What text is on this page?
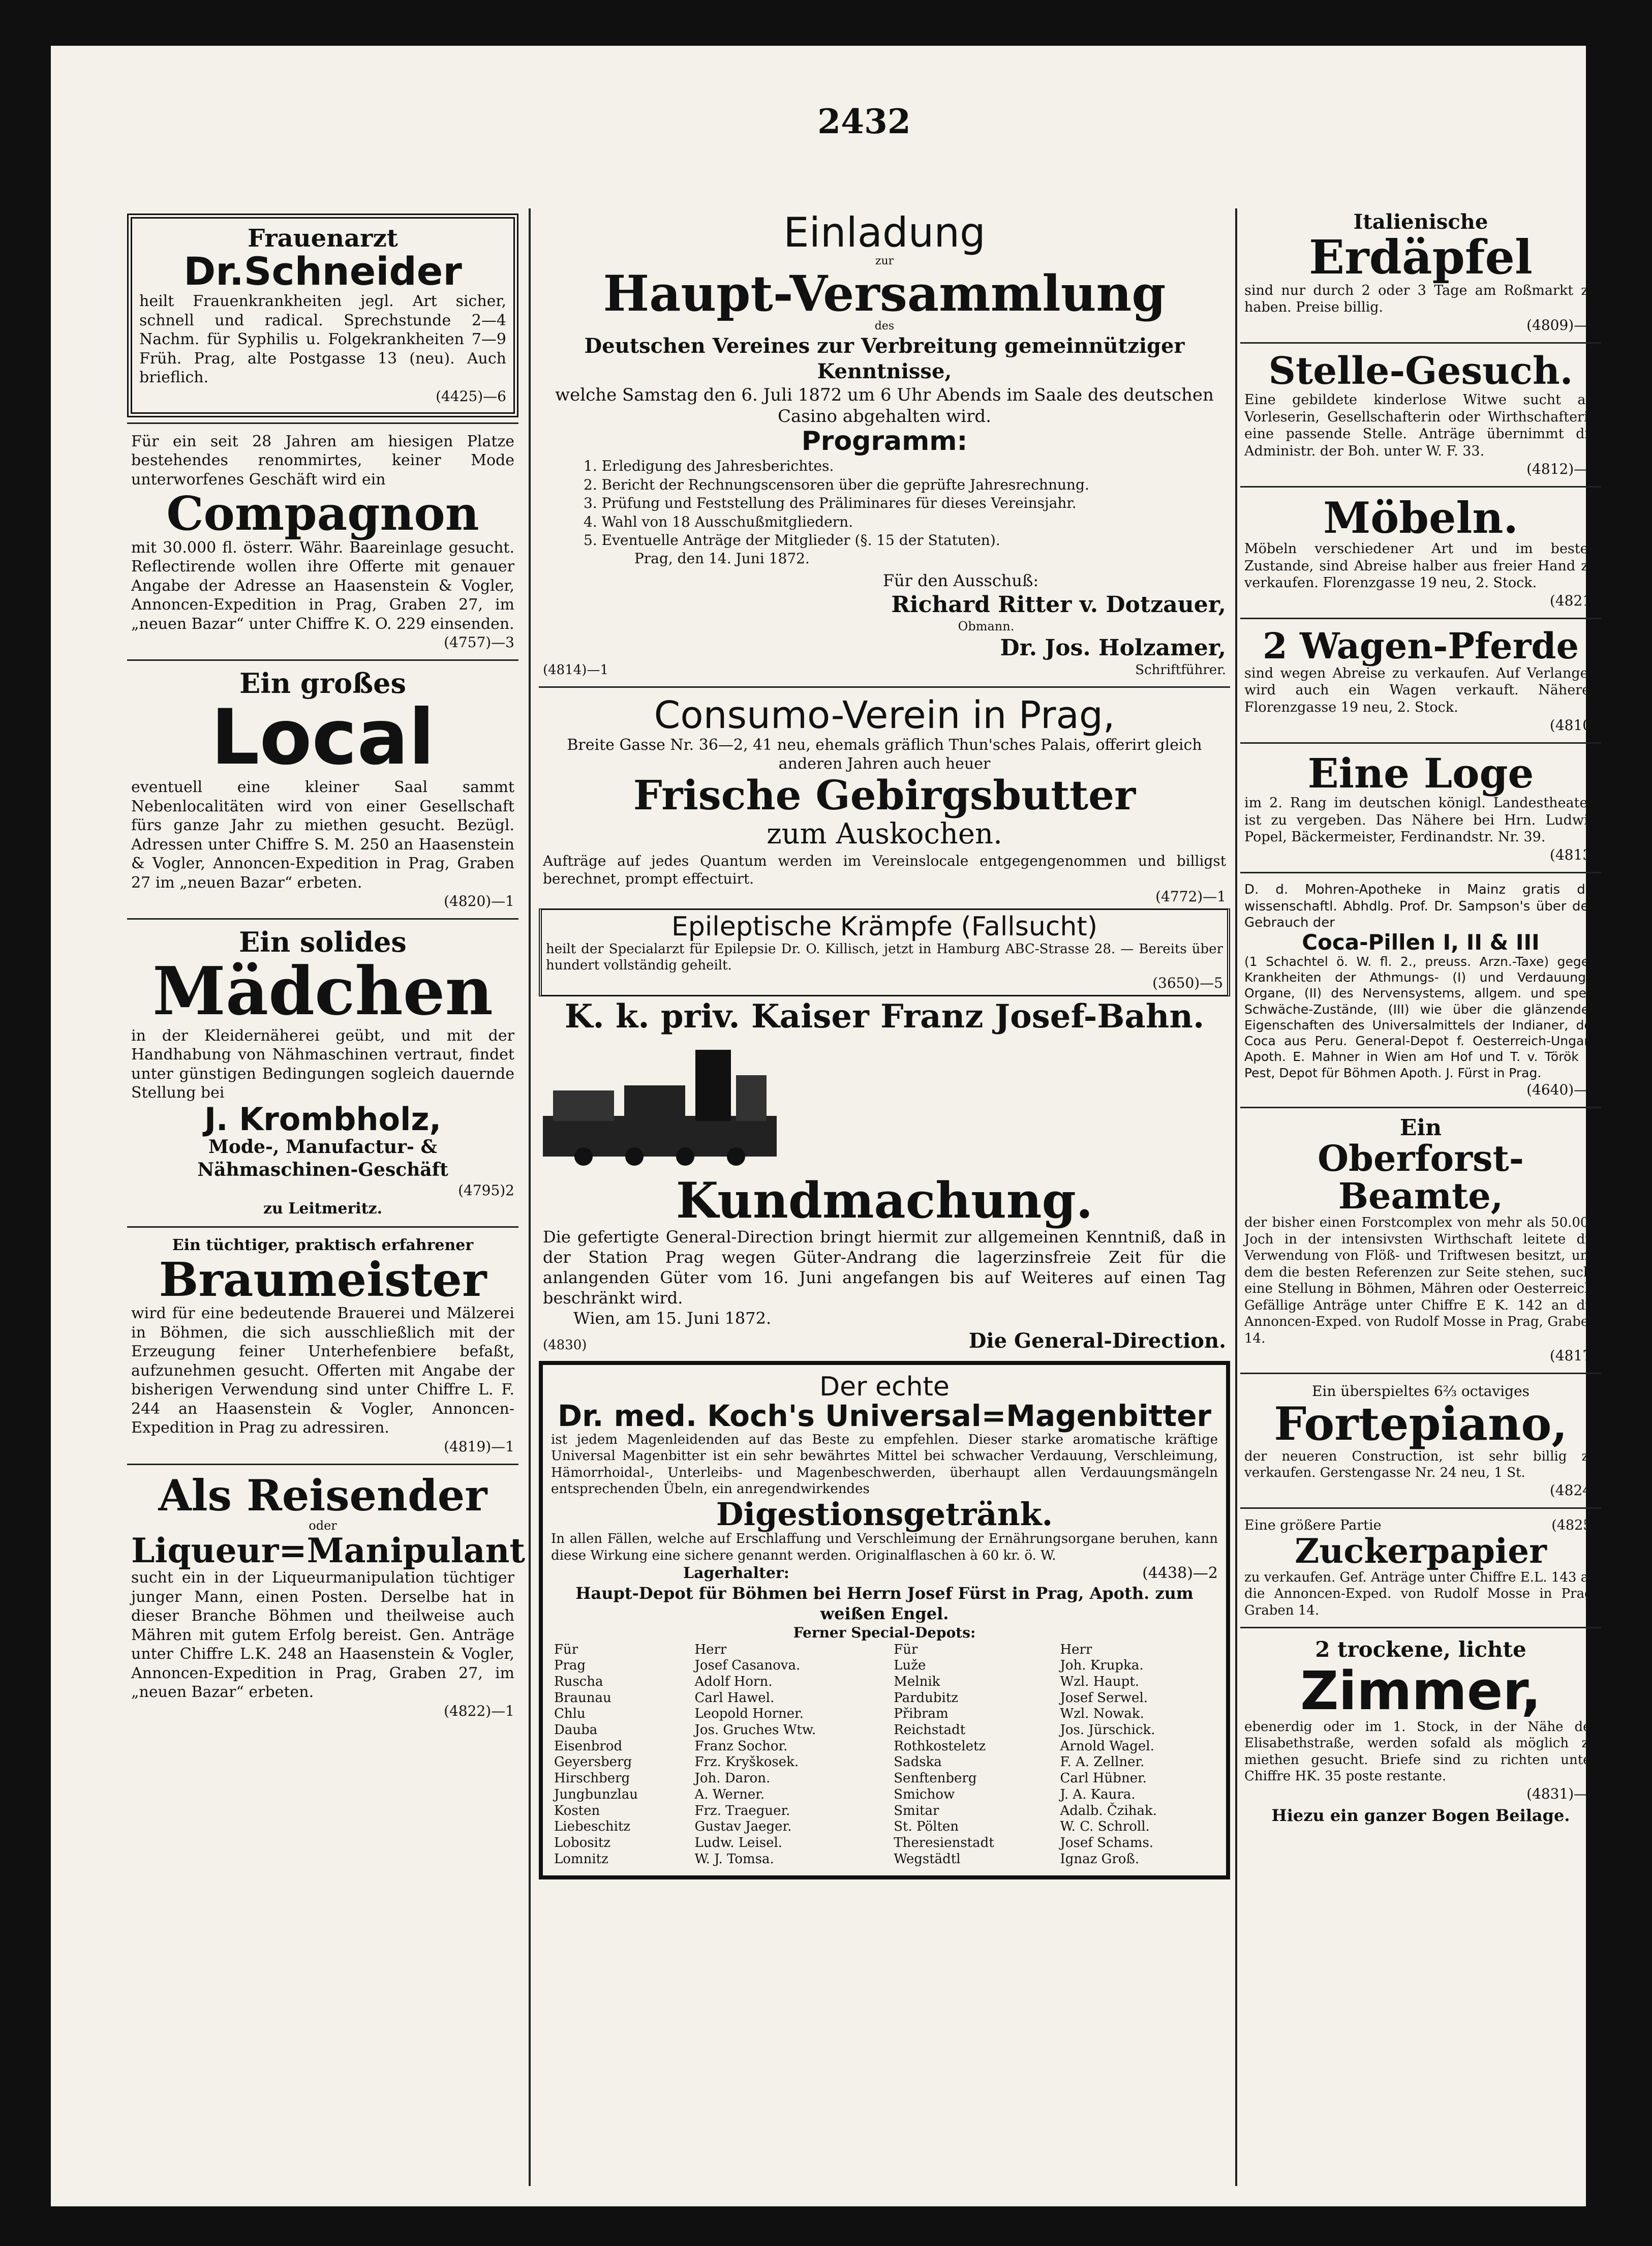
2432
Frauenarzt
Dr.Schneider
heilt Frauenkrankheiten jegl. Art sicher, schnell und radical. Sprechstunde 2—4 Nachm. für Syphilis u. Folgekrankheiten 7—9 Früh. Prag, alte Postgasse 13 (neu). Auch brieflich.
(4425)—6
Für ein seit 28 Jahren am hiesigen Platze bestehendes renommirtes, keiner Mode unterworfenes Geschäft wird ein
Compagnon
mit 30.000 fl. österr. Währ. Baareinlage gesucht. Reflectirende wollen ihre Offerte mit genauer Angabe der Adresse an Haasenstein & Vogler, Annoncen-Expedition in Prag, Graben 27, im „neuen Bazar“ unter Chiffre K. O. 229 einsenden.
(4757)—3
Ein großes
Local
eventuell eine kleiner Saal sammt Nebenlocalitäten wird von einer Gesellschaft fürs ganze Jahr zu miethen gesucht. Bezügl. Adressen unter Chiffre S. M. 250 an Haasenstein & Vogler, Annoncen-Expedition in Prag, Graben 27 im „neuen Bazar“ erbeten.
(4820)—1
Ein solides
Mädchen
in der Kleidernäherei geübt, und mit der Handhabung von Nähmaschinen vertraut, findet unter günstigen Bedingungen sogleich dauernde Stellung bei
J. Krombholz,
Mode-, Manufactur- & Nähmaschinen-Geschäft
(4795)2
zu Leitmeritz.
Ein tüchtiger, praktisch erfahrener
Braumeister
wird für eine bedeutende Brauerei und Mälzerei in Böhmen, die sich ausschließlich mit der Erzeugung feiner Unterhefenbiere befaßt, aufzunehmen gesucht. Offerten mit Angabe der bisherigen Verwendung sind unter Chiffre L. F. 244 an Haasenstein & Vogler, Annoncen-Expedition in Prag zu adressiren.
(4819)—1
Als Reisender
oder
Liqueur=Manipulant
sucht ein in der Liqueurmanipulation tüchtiger junger Mann, einen Posten. Derselbe hat in dieser Branche Böhmen und theilweise auch Mähren mit gutem Erfolg bereist. Gen. Anträge unter Chiffre L.K. 248 an Haasenstein & Vogler, Annoncen-Expedition in Prag, Graben 27, im „neuen Bazar“ erbeten.
(4822)—1
Einladung
zur
Haupt-Versammlung
des
Deutschen Vereines zur Verbreitung gemeinnütziger Kenntnisse,
welche Samstag den 6. Juli 1872 um 6 Uhr Abends im Saale des deutschen Casino abgehalten wird.
Programm:
1. Erledigung des Jahresberichtes.
2. Bericht der Rechnungscensoren über die geprüfte Jahresrechnung.
3. Prüfung und Feststellung des Präliminares für dieses Vereinsjahr.
4. Wahl von 18 Ausschußmitgliedern.
5. Eventuelle Anträge der Mitglieder (§. 15 der Statuten).
Prag, den 14. Juni 1872.
Für den Ausschuß:
Richard Ritter v. Dotzauer,
Obmann.
Dr. Jos. Holzamer,
(4814)—1	Schriftführer.
Consumo-Verein in Prag,
Breite Gasse Nr. 36—2, 41 neu, ehemals gräflich Thun'sches Palais, offerirt gleich anderen Jahren auch heuer
Frische Gebirgsbutter
zum Auskochen.
Aufträge auf jedes Quantum werden im Vereinslocale entgegengenommen und billigst berechnet, prompt effectuirt.
(4772)—1
Epileptische Krämpfe (Fallsucht)
heilt der Specialarzt für Epilepsie Dr. O. Killisch, jetzt in Hamburg ABC-Strasse 28. — Bereits über hundert vollständig geheilt.
(3650)—5
K. k. priv. Kaiser Franz Josef-Bahn.
Kundmachung.
Die gefertigte General-Direction bringt hiermit zur allgemeinen Kenntniß, daß in der Station Prag wegen Güter-Andrang die lagerzinsfreie Zeit für die anlangenden Güter vom 16. Juni angefangen bis auf Weiteres auf einen Tag beschränkt wird.
Wien, am 15. Juni 1872.
(4830)	Die General-Direction.
Der echte
Dr. med. Koch's Universal=Magenbitter
ist jedem Magenleidenden auf das Beste zu empfehlen. Dieser starke aromatische kräftige Universal Magenbitter ist ein sehr bewährtes Mittel bei schwacher Verdauung, Verschleimung, Hämorrhoidal-, Unterleibs- und Magenbeschwerden, überhaupt allen Verdauungsmängeln entsprechenden Übeln, ein anregendwirkendes
Digestionsgetränk.
In allen Fällen, welche auf Erschlaffung und Verschleimung der Ernährungsorgane beruhen, kann diese Wirkung eine sichere genannt werden. Originalflaschen à 60 kr. ö. W.
Lagerhalter:	(4438)—2
Haupt-Depot für Böhmen bei Herrn Josef Fürst in Prag, Apoth. zum weißen Engel.
Ferner Special-Depots:
Für	Herr	Für	Herr
Prag	Josef Casanova.	Luže	Joh. Krupka.
Ruscha	Adolf Horn.	Melnik	Wzl. Haupt.
Braunau	Carl Hawel.	Pardubitz	Josef Serwel.
Chlu	Leopold Horner.	Přibram	Wzl. Nowak.
Dauba	Jos. Gruches Wtw.	Reichstadt	Jos. Jürschick.
Eisenbrod	Franz Sochor.	Rothkosteletz	Arnold Wagel.
Geyersberg	Frz. Kryškosek.	Sadska	F. A. Zellner.
Hirschberg	Joh. Daron.	Senftenberg	Carl Hübner.
Jungbunzlau	A. Werner.	Smichow	J. A. Kaura.
Kosten	Frz. Traeguer.	Smitar	Adalb. Čzihak.
Liebeschitz	Gustav Jaeger.	St. Pölten	W. C. Schroll.
Lobositz	Ludw. Leisel.	Theresienstadt	Josef Schams.
Lomnitz	W. J. Tomsa.	Wegstädtl	Ignaz Groß.
Italienische
Erdäpfel
sind nur durch 2 oder 3 Tage am Roßmarkt zu haben. Preise billig.
(4809)—1
Stelle-Gesuch.
Eine gebildete kinderlose Witwe sucht als Vorleserin, Gesellschafterin oder Wirthschafterin eine passende Stelle. Anträge übernimmt die Administr. der Boh. unter W. F. 33.
(4812)—1
Möbeln.
Möbeln verschiedener Art und im besten Zustande, sind Abreise halber aus freier Hand zu verkaufen. Florenzgasse 19 neu, 2. Stock.
(4821)
2 Wagen-Pferde
sind wegen Abreise zu verkaufen. Auf Verlangen wird auch ein Wagen verkauft. Näheres Florenzgasse 19 neu, 2. Stock.
(4810)
Eine Loge
im 2. Rang im deutschen königl. Landestheater, ist zu vergeben. Das Nähere bei Hrn. Ludwig Popel, Bäckermeister, Ferdinandstr. Nr. 39.
(4813)
D. d. Mohren-Apotheke in Mainz gratis die wissenschaftl. Abhdlg. Prof. Dr. Sampson's über den Gebrauch der
Coca-Pillen I, II & III
(1 Schachtel ö. W. fl. 2., preuss. Arzn.-Taxe) gegen Krankheiten der Athmungs- (I) und Verdauungs-Organe, (II) des Nervensystems, allgem. und spez. Schwäche-Zustände, (III) wie über die glänzenden Eigenschaften des Universalmittels der Indianer, der Coca aus Peru. General-Depot f. Oesterreich-Ungarn Apoth. E. Mahner in Wien am Hof und T. v. Török in Pest, Depot für Böhmen Apoth. J. Fürst in Prag.
(4640)—1
Ein
Oberforst-Beamte,
der bisher einen Forstcomplex von mehr als 50.000 Joch in der intensivsten Wirthschaft leitete die Verwendung von Flöß- und Triftwesen besitzt, und dem die besten Referenzen zur Seite stehen, sucht eine Stellung in Böhmen, Mähren oder Oesterreich. Gefällige Anträge unter Chiffre E K. 142 an die Annoncen-Exped. von Rudolf Mosse in Prag, Graben 14.
(4817)
Ein überspieltes 6⅔ octaviges
Fortepiano,
der neueren Construction, ist sehr billig zu verkaufen. Gerstengasse Nr. 24 neu, 1 St.
(4824)
Eine größere Partie	(4825)
Zuckerpapier
zu verkaufen. Gef. Anträge unter Chiffre E.L. 143 an die Annoncen-Exped. von Rudolf Mosse in Prag, Graben 14.
2 trockene, lichte
Zimmer,
ebenerdig oder im 1. Stock, in der Nähe der Elisabethstraße, werden sofald als möglich zu miethen gesucht. Briefe sind zu richten unter Chiffre HK. 35 poste restante.
(4831)—1
Hiezu ein ganzer Bogen Beilage.
